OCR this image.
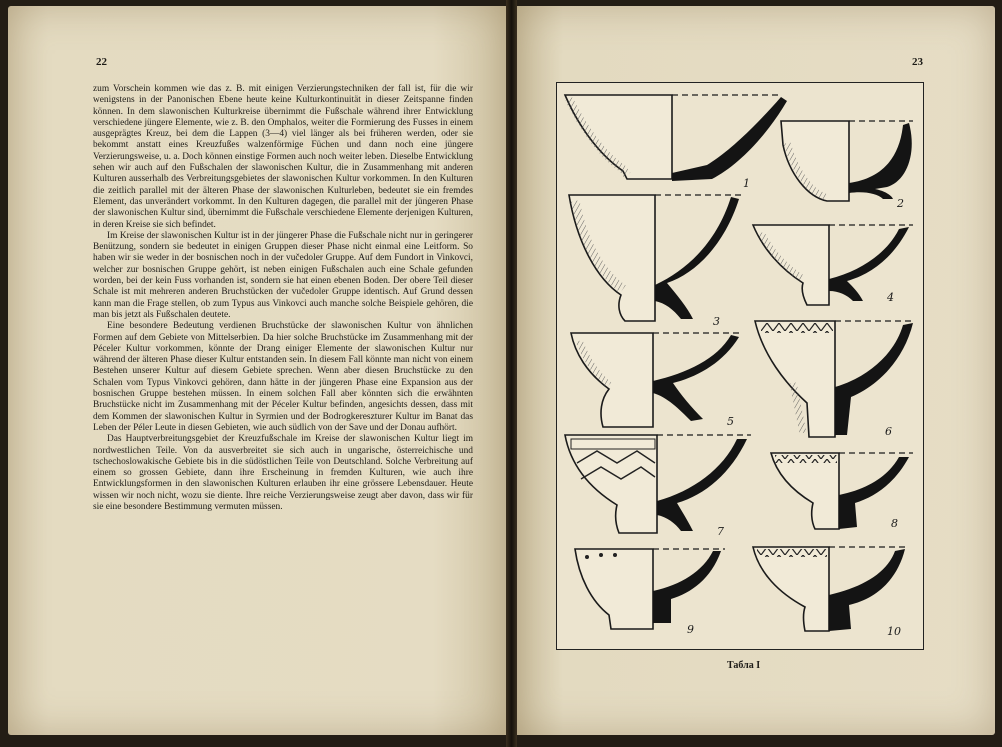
22	23

zum Vorschein kommen wie das z. B. mit einigen Verzierungstechniken der fall ist, für die wir wenigstens in der Panonischen Ebene heute keine Kulturkontinuität in dieser Zeitspanne finden können. In dem slawonischen Kulturkreise übernimmt die Fußschale während ihrer Entwicklung verschiedene jüngere Elemente, wie z. B. den Omphalos, weiter die Formierung des Fusses in einem ausgeprägtes Kreuz, bei dem die Lappen (3—4) viel länger als bei früheren werden, oder sie bekommt anstatt eines Kreuzfußes walzenförmige Füchen und dann noch eine jüngere Verzierungsweise, u. a. Doch können einstige Formen auch noch weiter leben. Dieselbe Entwicklung sehen wir auch auf den Fußschalen der slawonischen Kultur, die in Zusammenhang mit anderen Kulturen ausserhalb des Verbreitungsgebietes der slawonischen Kultur vorkommen. In den Kulturen die zeitlich parallel mit der älteren Phase der slawonischen Kulturleben, bedeutet sie ein fremdes Element, das unverändert vorkommt. In den Kulturen dagegen, die parallel mit der jüngeren Phase der slawonischen Kultur sind, übernimmt die Fußschale verschiedene Elemente derjenigen Kulturen, in deren Kreise sie sich befindet.

Im Kreise der slawonischen Kultur ist in der jüngerer Phase die Fußschale nicht nur in geringerer Benützung, sondern sie bedeutet in einigen Gruppen dieser Phase nicht einmal eine Leitform. So haben wir sie weder in der bosnischen noch in der vučedoler Gruppe. Auf dem Fundort in Vinkovci, welcher zur bosnischen Gruppe gehört, ist neben einigen Fußschalen auch eine Schale gefunden worden, bei der kein Fuss vorhanden ist, sondern sie hat einen ebenen Boden. Der obere Teil dieser Schale ist mit mehreren anderen Bruchstücken der vučedoler Gruppe identisch. Auf Grund dessen kann man die Frage stellen, ob zum Typus aus Vinkovci auch manche solche Beispiele gehören, die man bis jetzt als Fußschalen deutete.

Eine besondere Bedeutung verdienen Bruchstücke der slawonischen Kultur von ähnlichen Formen auf dem Gebiete von Mittelserbien. Da hier solche Bruchstücke im Zusammenhang mit der Péceler Kultur vorkommen, könnte der Drang einiger Elemente der slawonischen Kultur nur während der älteren Phase dieser Kultur entstanden sein. In diesem Fall könnte man nicht von einem Bestehen unserer Kultur auf diesem Gebiete sprechen. Wenn aber diesen Bruchstücke zu den Schalen vom Typus Vinkovci gehören, dann hätte in der jüngeren Phase eine Expansion aus der bosnischen Gruppe bestehen müssen. In einem solchen Fall aber könnten sich die erwähnten Bruchstücke nicht im Zusammenhang mit der Péceler Kultur befinden, angesichts dessen, dass mit dem Kommen der slawonischen Kultur in Syrmien und der Bodrogkereszturer Kultur im Banat das Leben der Péler Leute in diesen Gebieten, wie auch südlich von der Save und der Donau aufhört.

Das Hauptverbreitungsgebiet der Kreuzfußschale im Kreise der slawonischen Kultur liegt im nordwestlichen Teile. Von da ausverbreitet sie sich auch in ungarische, österreichische und tschechoslowakische Gebiete bis in die südöstlichen Teile von Deutschland. Solche Verbreitung auf einem so grossen Gebiete, dann ihre Erscheinung in fremden Kulturen, wie auch ihre Entwicklungsformen in den slawonischen Kulturen erlauben ihr eine grössere Lebensdauer. Heute wissen wir noch nicht, wozu sie diente. Ihre reiche Verzierungsweise zeugt aber davon, dass wir für sie eine besondere Bestimmung vermuten müssen.

1
2
3
4
5
6
7
8
9	10
Табла I
